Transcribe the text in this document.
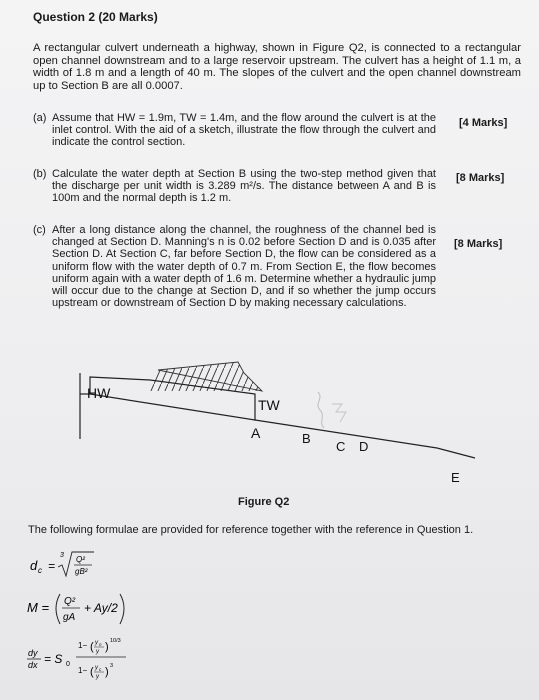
Question 2 (20 Marks)
A rectangular culvert underneath a highway, shown in Figure Q2, is connected to a rectangular open channel downstream and to a large reservoir upstream. The culvert has a height of 1.1 m, a width of 1.8 m and a length of 40 m. The slopes of the culvert and the open channel downstream up to Section B are all 0.0007.
(a) Assume that HW = 1.9m, TW = 1.4m, and the flow around the culvert is at the inlet control. With the aid of a sketch, illustrate the flow through the culvert and indicate the control section.
[4 Marks]
(b) Calculate the water depth at Section B using the two-step method given that the discharge per unit width is 3.289 m²/s. The distance between A and B is 100m and the normal depth is 1.2 m.
[8 Marks]
(c) After a long distance along the channel, the roughness of the channel bed is changed at Section D. Manning's n is 0.02 before Section D and is 0.035 after Section D. At Section C, far before Section D, the flow can be considered as a uniform flow with the water depth of 0.7 m. From Section E, the flow becomes uniform again with a water depth of 1.6 m. Determine whether a hydraulic jump will occur due to the change at Section D, and if so whether the jump occurs upstream or downstream of Section D by making necessary calculations.
[8 Marks]
HW
TW
A	B
C D
E
Figure Q2
The following formulae are provided for reference together with the reference in Question 1.
d c =
3 Q²
gB²
M = Q²
gA
+ Ay/2
dy
dx = S 0
1− ( y n
y ) 10/3
1− ( y c
y ) 3
